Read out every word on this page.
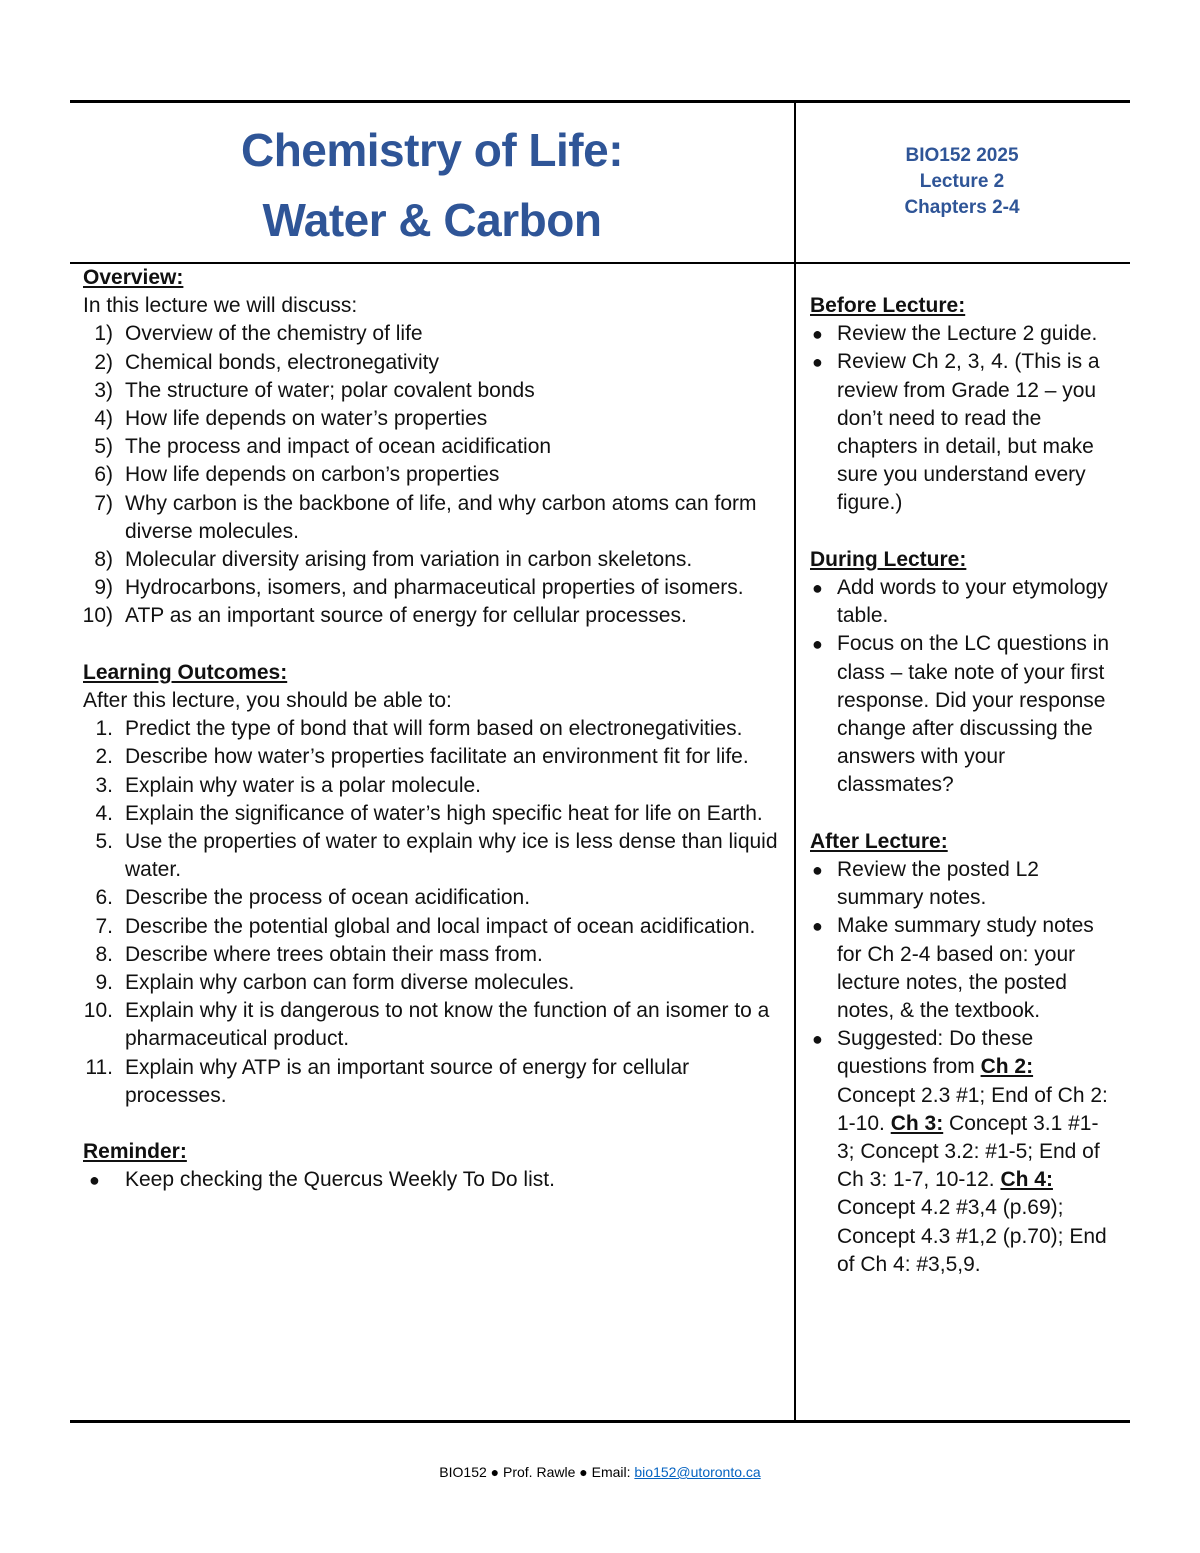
Chemistry of Life:
Water & Carbon
BIO152 2025
Lecture 2
Chapters 2-4
Overview:
In this lecture we will discuss:
1) Overview of the chemistry of life
2) Chemical bonds, electronegativity
3) The structure of water; polar covalent bonds
4) How life depends on water’s properties
5) The process and impact of ocean acidification
6) How life depends on carbon’s properties
7) Why carbon is the backbone of life, and why carbon atoms can form diverse molecules.
8) Molecular diversity arising from variation in carbon skeletons.
9) Hydrocarbons, isomers, and pharmaceutical properties of isomers.
10) ATP as an important source of energy for cellular processes.
Learning Outcomes:
After this lecture, you should be able to:
1. Predict the type of bond that will form based on electronegativities.
2. Describe how water’s properties facilitate an environment fit for life.
3. Explain why water is a polar molecule.
4. Explain the significance of water’s high specific heat for life on Earth.
5. Use the properties of water to explain why ice is less dense than liquid water.
6. Describe the process of ocean acidification.
7. Describe the potential global and local impact of ocean acidification.
8. Describe where trees obtain their mass from.
9. Explain why carbon can form diverse molecules.
10. Explain why it is dangerous to not know the function of an isomer to a pharmaceutical product.
11. Explain why ATP is an important source of energy for cellular processes.
Reminder:
● Keep checking the Quercus Weekly To Do list.
Before Lecture:
● Review the Lecture 2 guide.
● Review Ch 2, 3, 4. (This is a review from Grade 12 – you don’t need to read the chapters in detail, but make sure you understand every figure.)
During Lecture:
● Add words to your etymology table.
● Focus on the LC questions in class – take note of your first response. Did your response change after discussing the answers with your classmates?
After Lecture:
● Review the posted L2 summary notes.
● Make summary study notes for Ch 2-4 based on: your lecture notes, the posted notes, & the textbook.
● Suggested: Do these questions from Ch 2: Concept 2.3 #1; End of Ch 2: 1-10. Ch 3: Concept 3.1 #1-3; Concept 3.2: #1-5; End of Ch 3: 1-7, 10-12. Ch 4: Concept 4.2 #3,4 (p.69); Concept 4.3 #1,2 (p.70); End of Ch 4: #3,5,9.
BIO152 ● Prof. Rawle ● Email: bio152@utoronto.ca
